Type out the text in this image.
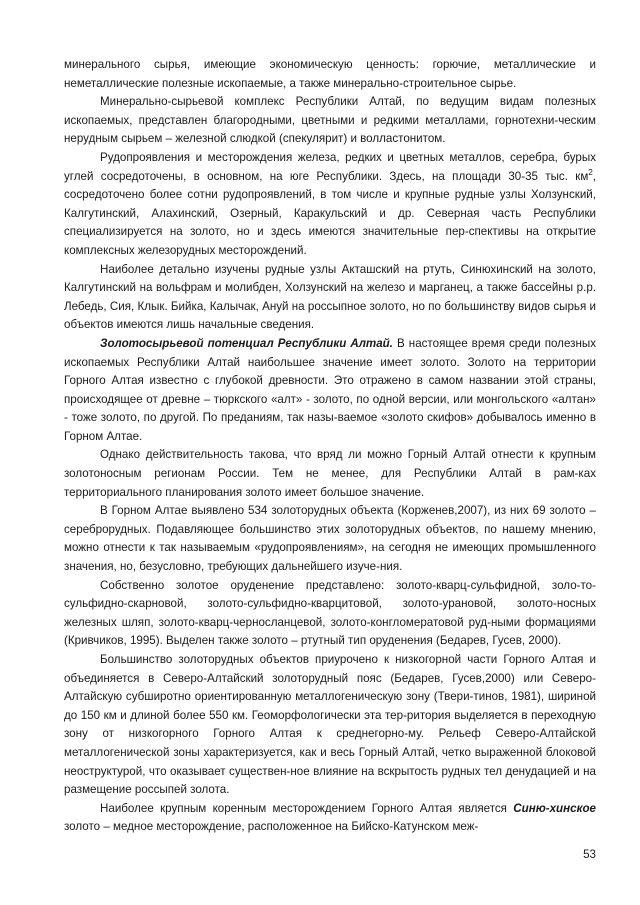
минерального сырья, имеющие экономическую ценность: горючие, металлические и неметаллические полезные ископаемые, а также минерально-строительное сырье.

Минерально-сырьевой комплекс Республики Алтай, по ведущим видам полезных ископаемых, представлен благородными, цветными и редкими металлами, горнотехни-ческим нерудным сырьем – железной слюдкой (спекулярит) и волластонитом.

Рудопроявления и месторождения железа, редких и цветных металлов, серебра, бурых углей сосредоточены, в основном, на юге Республики. Здесь, на площади 30-35 тыс. $км^2$, сосредоточено более сотни рудопроявлений, в том числе и крупные рудные узлы Холзунский, Калгутинский, Алахинский, Озерный, Каракульский и др. Северная часть Республики специализируется на золото, но и здесь имеются значительные пер-спективы на открытие комплексных железорудных месторождений.

Наиболее детально изучены рудные узлы Акташский на ртуть, Синюхинский на золото, Калгутинский на вольфрам и молибден, Холзунский на железо и марганец, а также бассейны р.р. Лебедь, Сия, Клык. Бийка, Калычак, Ануй на россыпное золото, но по большинству видов сырья и объектов имеются лишь начальные сведения.

Золотосырьевой потенциал Республики Алтай. В настоящее время среди полезных ископаемых Республики Алтай наибольшее значение имеет золото. Золото на территории Горного Алтая известно с глубокой древности. Это отражено в самом названии этой страны, происходящее от древне – тюркского «алт» - золото, по одной версии, или монгольского «алтан» - тоже золото, по другой. По преданиям, так назы-ваемое «золото скифов» добывалось именно в Горном Алтае.

Однако действительность такова, что вряд ли можно Горный Алтай отнести к крупным золотоносным регионам России. Тем не менее, для Республики Алтай в рам-ках территориального планирования золото имеет большое значение.

В Горном Алтае выявлено 534 золоторудных объекта (Корженев,2007), из них 69 золото – сереброрудных. Подавляющее большинство этих золоторудных объектов, по нашему мнению, можно отнести к так называемым «рудопроявлениям», на сегодня не имеющих промышленного значения, но, безусловно, требующих дальнейшего изуче-ния.

Собственно золотое оруденение представлено: золото-кварц-сульфидной, золо-то-сульфидно-скарновой, золото-сульфидно-кварцитовой, золото-урановой, золото-носных железных шляп, золото-кварц-черносланцевой, золото-конгломератовой руд-ными формациями (Кривчиков, 1995). Выделен также золото – ртутный тип оруденения (Бедарев, Гусев, 2000).

Большинство золоторудных объектов приурочено к низкогорной части Горного Алтая и объединяется в Северо-Алтайский золоторудный пояс (Бедарев, Гусев,2000) или Северо-Алтайскую субширотно ориентированную металлогеническую зону (Твери-тинов, 1981), шириной до 150 км и длиной более 550 км. Геоморфологически эта тер-ритория выделяется в переходную зону от низкогорного Горного Алтая к среднегорно-му. Рельеф Северо-Алтайской металлогенической зоны характеризуется, как и весь Горный Алтай, четко выраженной блоковой неоструктурой, что оказывает существен-ное влияние на вскрытость рудных тел денудацией и на размещение россыпей золота.

Наиболее крупным коренным месторождением Горного Алтая является Синю-хинское золото – медное месторождение, расположенное на Бийско-Катунском меж-

53
